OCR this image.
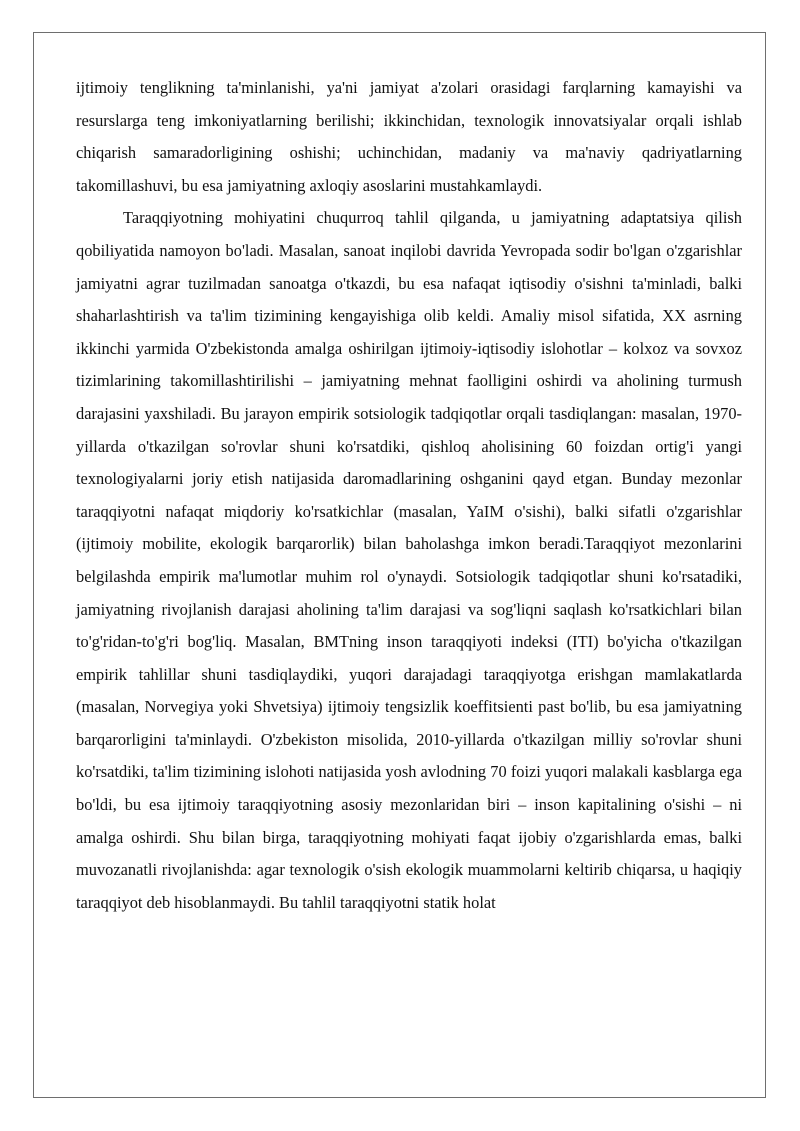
ijtimoiy tenglikning ta'minlanishi, ya'ni jamiyat a'zolari orasidagi farqlarning kamayishi va resurslarga teng imkoniyatlarning berilishi; ikkinchidan, texnologik innovatsiyalar orqali ishlab chiqarish samaradorligining oshishi; uchinchidan, madaniy va ma'naviy qadriyatlarning takomillashuvi, bu esa jamiyatning axloqiy asoslarini mustahkamlaydi.

Taraqqiyotning mohiyatini chuqurroq tahlil qilganda, u jamiyatning adaptatsiya qilish qobiliyatida namoyon bo'ladi. Masalan, sanoat inqilobi davrida Yevropada sodir bo'lgan o'zgarishlar jamiyatni agrar tuzilmadan sanoatga o'tkazdi, bu esa nafaqat iqtisodiy o'sishni ta'minladi, balki shaharlashtirish va ta'lim tizimining kengayishiga olib keldi. Amaliy misol sifatida, XX asrning ikkinchi yarmida O'zbekistonda amalga oshirilgan ijtimoiy-iqtisodiy islohotlar – kolxoz va sovxoz tizimlarining takomillashtirilishi – jamiyatning mehnat faolligini oshirdi va aholining turmush darajasini yaxshiladi. Bu jarayon empirik sotsiologik tadqiqotlar orqali tasdiqlangan: masalan, 1970-yillarda o'tkazilgan so'rovlar shuni ko'rsatdiki, qishloq aholisining 60 foizdan ortig'i yangi texnologiyalarni joriy etish natijasida daromadlarining oshganini qayd etgan. Bunday mezonlar taraqqiyotni nafaqat miqdoriy ko'rsatkichlar (masalan, YaIM o'sishi), balki sifatli o'zgarishlar (ijtimoiy mobilite, ekologik barqarorlik) bilan baholashga imkon beradi.Taraqqiyot mezonlarini belgilashda empirik ma'lumotlar muhim rol o'ynaydi. Sotsiologik tadqiqotlar shuni ko'rsatadiki, jamiyatning rivojlanish darajasi aholining ta'lim darajasi va sog'liqni saqlash ko'rsatkichlari bilan to'g'ridan-to'g'ri bog'liq. Masalan, BMTning inson taraqqiyoti indeksi (ITI) bo'yicha o'tkazilgan empirik tahlillar shuni tasdiqlaydiki, yuqori darajadagi taraqqiyotga erishgan mamlakatlarda (masalan, Norvegiya yoki Shvetsiya) ijtimoiy tengsizlik koeffitsienti past bo'lib, bu esa jamiyatning barqarorligini ta'minlaydi. O'zbekiston misolida, 2010-yillarda o'tkazilgan milliy so'rovlar shuni ko'rsatdiki, ta'lim tizimining islohoti natijasida yosh avlodning 70 foizi yuqori malakali kasblarga ega bo'ldi, bu esa ijtimoiy taraqqiyotning asosiy mezonlaridan biri – inson kapitalining o'sishi – ni amalga oshirdi. Shu bilan birga, taraqqiyotning mohiyati faqat ijobiy o'zgarishlarda emas, balki muvozanatli rivojlanishda: agar texnologik o'sish ekologik muammolarni keltirib chiqarsa, u haqiqiy taraqqiyot deb hisoblanmaydi. Bu tahlil taraqqiyotni statik holat
